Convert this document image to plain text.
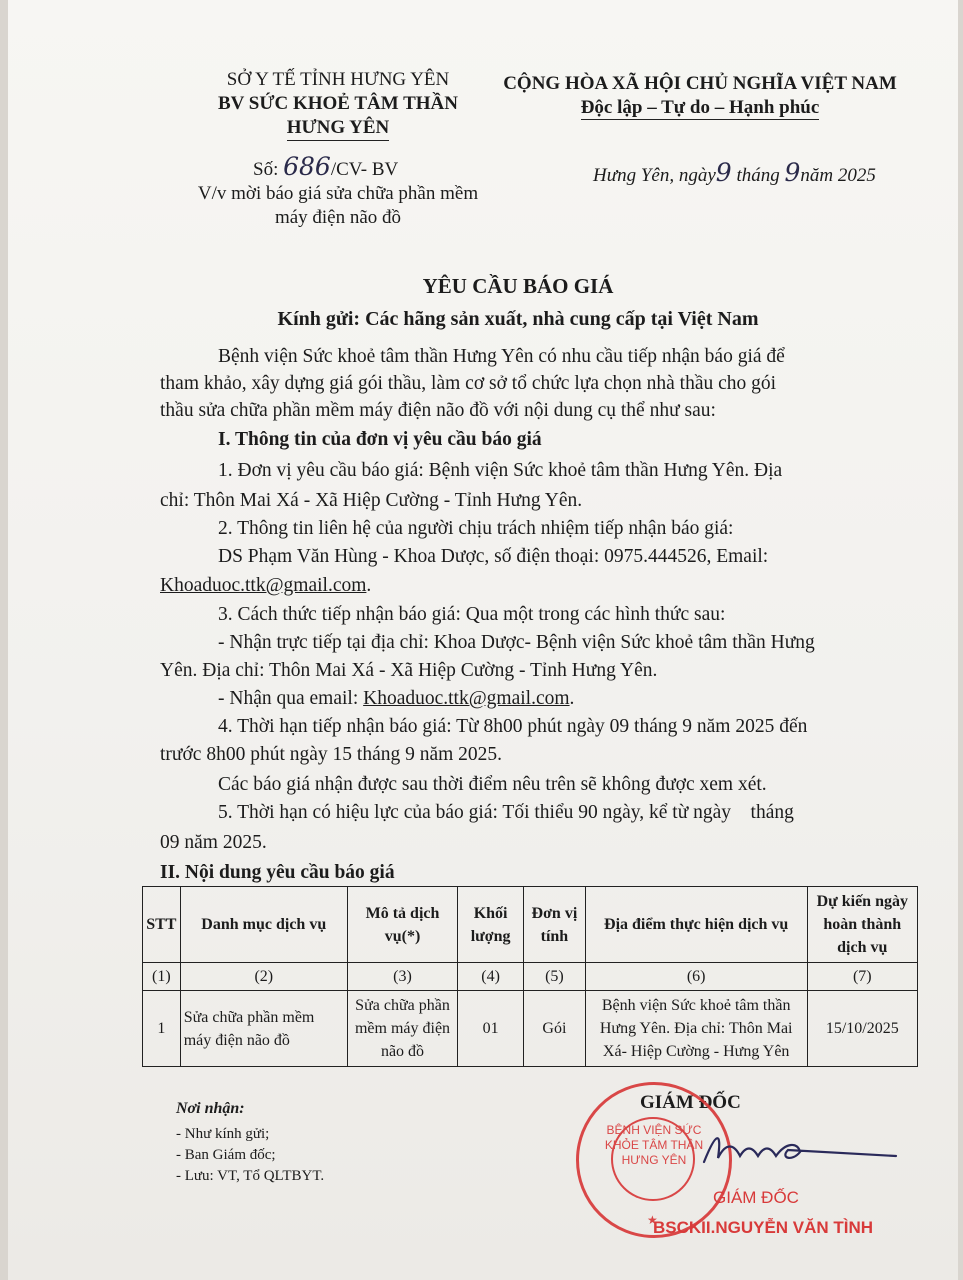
SỞ Y TẾ TỈNH HƯNG YÊN
BV SỨC KHOẺ TÂM THẦN
HƯNG YÊN
Số: 686/CV- BV
V/v mời báo giá sửa chữa phần mềm
máy điện não đồ
CỘNG HÒA XÃ HỘI CHỦ NGHĨA VIỆT NAM
Độc lập – Tự do – Hạnh phúc
Hưng Yên, ngày9 tháng 9năm 2025
YÊU CẦU BÁO GIÁ
Kính gửi: Các hãng sản xuất, nhà cung cấp tại Việt Nam
Bệnh viện Sức khoẻ tâm thần Hưng Yên có nhu cầu tiếp nhận báo giá để
tham khảo, xây dựng giá gói thầu, làm cơ sở tổ chức lựa chọn nhà thầu cho gói
thầu sửa chữa phần mềm máy điện não đồ với nội dung cụ thể như sau:
I. Thông tin của đơn vị yêu cầu báo giá
1. Đơn vị yêu cầu báo giá: Bệnh viện Sức khoẻ tâm thần Hưng Yên. Địa
chỉ: Thôn Mai Xá - Xã Hiệp Cường - Tỉnh Hưng Yên.
2. Thông tin liên hệ của người chịu trách nhiệm tiếp nhận báo giá:
DS Phạm Văn Hùng - Khoa Dược, số điện thoại: 0975.444526, Email:
Khoaduoc.ttk@gmail.com.
3. Cách thức tiếp nhận báo giá: Qua một trong các hình thức sau:
- Nhận trực tiếp tại địa chỉ: Khoa Dược- Bệnh viện Sức khoẻ tâm thần Hưng
Yên. Địa chỉ: Thôn Mai Xá - Xã Hiệp Cường - Tỉnh Hưng Yên.
- Nhận qua email: Khoaduoc.ttk@gmail.com.
4. Thời hạn tiếp nhận báo giá: Từ 8h00 phút ngày 09 tháng 9 năm 2025 đến
trước 8h00 phút ngày 15 tháng 9 năm 2025.
Các báo giá nhận được sau thời điểm nêu trên sẽ không được xem xét.
5. Thời hạn có hiệu lực của báo giá: Tối thiểu 90 ngày, kể từ ngày    tháng
09 năm 2025.
II. Nội dung yêu cầu báo giá
STT	Danh mục dịch vụ	Mô tả dịch vụ(*)	Khối lượng	Đơn vị tính	Địa điểm thực hiện dịch vụ	Dự kiến ngày hoàn thành dịch vụ
(1)	(2)	(3)	(4)	(5)	(6)	(7)
1	Sửa chữa phần mềm máy điện não đồ	Sửa chữa phần mềm máy điện não đồ	01	Gói	Bệnh viện Sức khoẻ tâm thần Hưng Yên. Địa chỉ: Thôn Mai Xá- Hiệp Cường - Hưng Yên	15/10/2025
Nơi nhận:
- Như kính gửi;
- Ban Giám đốc;
- Lưu: VT, Tổ QLTBYT.
GIÁM ĐỐC
BỆNH VIỆN SỨC KHỎE TÂM THẦN HƯNG YÊN
★
GIÁM ĐỐC
BSCKII.NGUYỄN VĂN TÌNH
